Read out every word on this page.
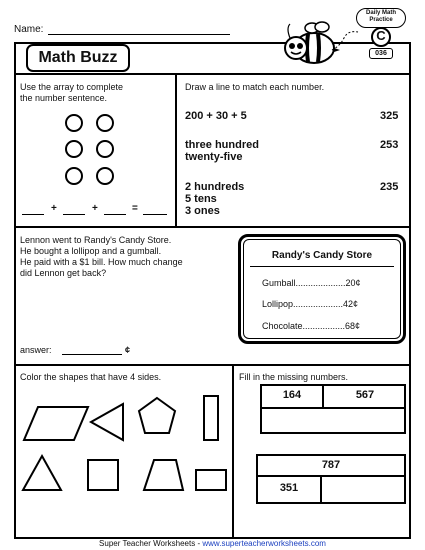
Name:
Math Buzz
Daily Math
Practice
C
036
Use the array to complete
the number sentence.
+	+	=
Draw a line to match each number.
200 + 30 + 5
three hundred
twenty-five
2 hundreds
5 tens
3 ones
325
253
235
Lennon went to Randy's Candy Store.
He bought a lollipop and a gumball.
He paid with a $1 bill. How much change
did Lennon get back?
answer:	¢
Randy's Candy Store
Gumball....................20¢
Lollipop....................42¢
Chocolate.................68¢
Color the shapes that have 4 sides.	Fill in the missing numbers.
164	567
787
351
Super Teacher Worksheets - www.superteacherworksheets.com
